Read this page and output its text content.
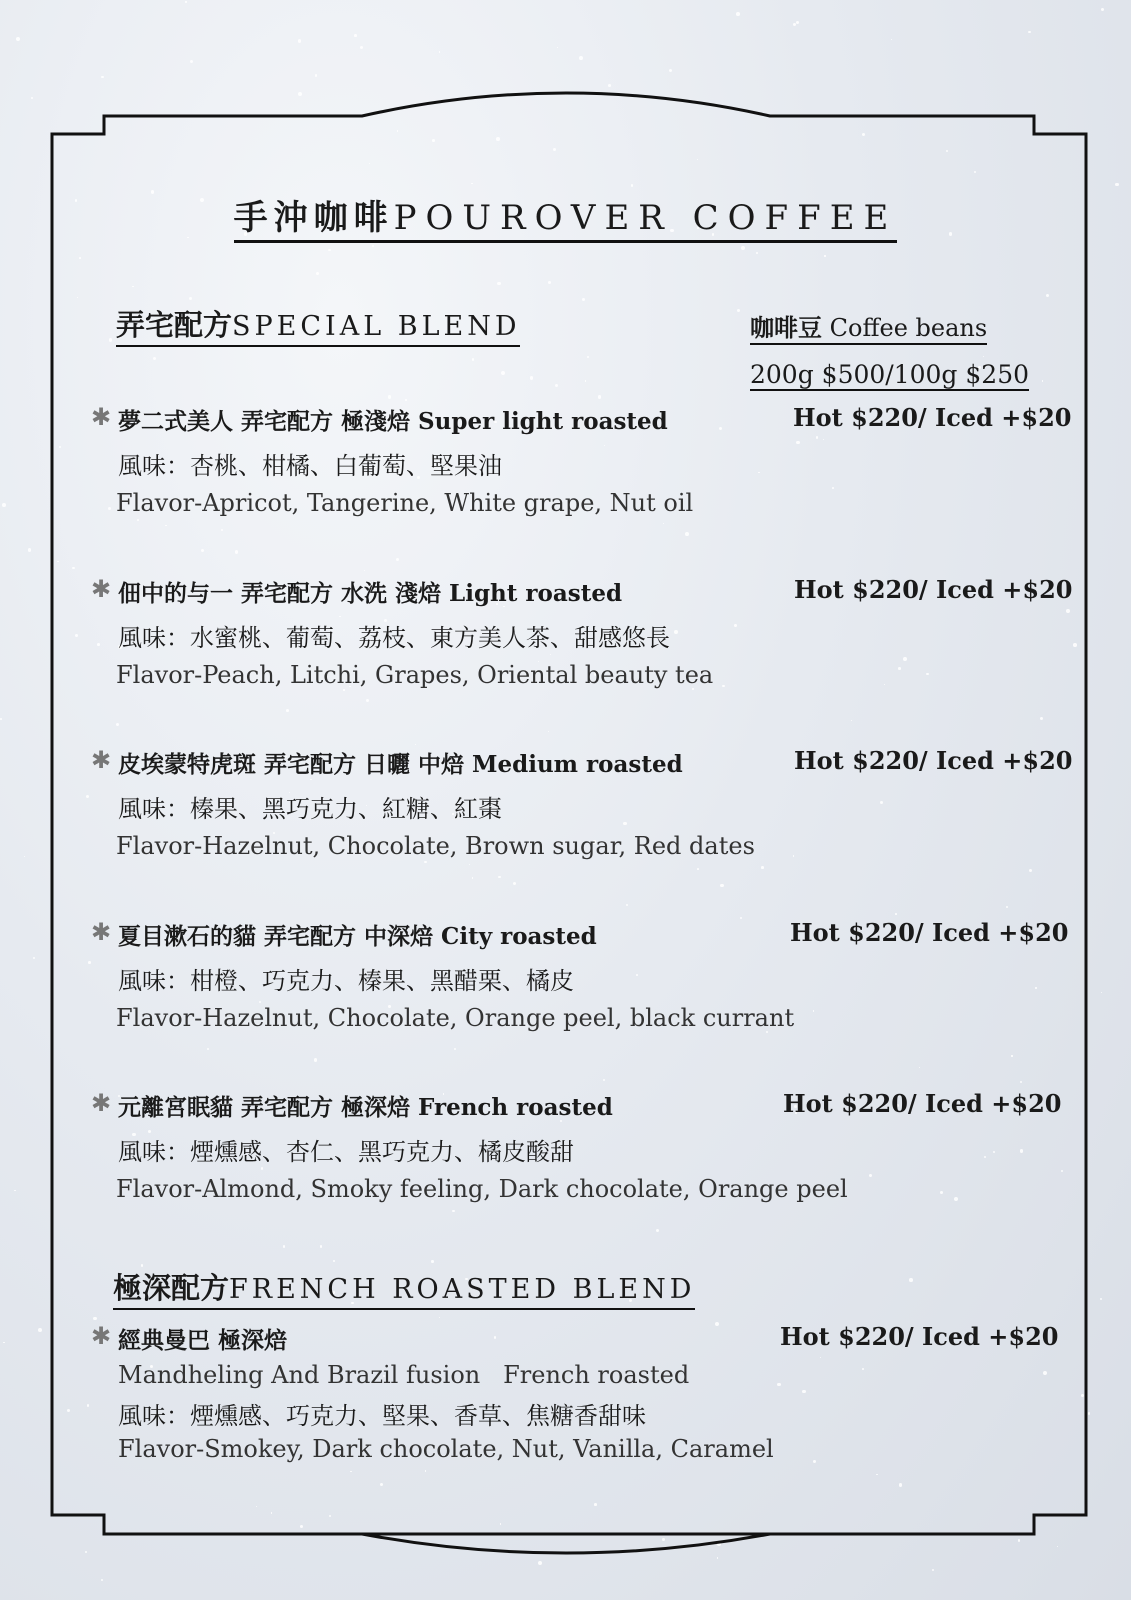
手沖咖啡POUROVER COFFEE
弄宅配方SPECIAL BLEND	咖啡豆 Coffee beans
200g $500/100g $250
✱ 夢二式美人 弄宅配方 極淺焙 Super light roasted	Hot $220/ Iced +$20
風味：杏桃、柑橘、白葡萄、堅果油
Flavor-Apricot, Tangerine, White grape, Nut oil
✱ 佃中的与一 弄宅配方 水洗 淺焙 Light roasted	Hot $220/ Iced +$20
風味：水蜜桃、葡萄、荔枝、東方美人茶、甜感悠長
Flavor-Peach, Litchi, Grapes, Oriental beauty tea
✱ 皮埃蒙特虎斑 弄宅配方 日曬 中焙 Medium roasted	Hot $220/ Iced +$20
風味：榛果、黑巧克力、紅糖、紅棗
Flavor-Hazelnut, Chocolate, Brown sugar, Red dates
✱ 夏目漱石的貓 弄宅配方 中深焙 City roasted	Hot $220/ Iced +$20
風味：柑橙、巧克力、榛果、黑醋栗、橘皮
Flavor-Hazelnut, Chocolate, Orange peel, black currant
✱ 元離宮眠貓 弄宅配方 極深焙 French roasted	Hot $220/ Iced +$20
風味：煙燻感、杏仁、黑巧克力、橘皮酸甜
Flavor-Almond, Smoky feeling, Dark chocolate, Orange peel
極深配方FRENCH ROASTED BLEND
✱ 經典曼巴 極深焙	Hot $220/ Iced +$20
Mandheling And Brazil fusion   French roasted
風味：煙燻感、巧克力、堅果、香草、焦糖香甜味
Flavor-Smokey, Dark chocolate, Nut, Vanilla, Caramel
